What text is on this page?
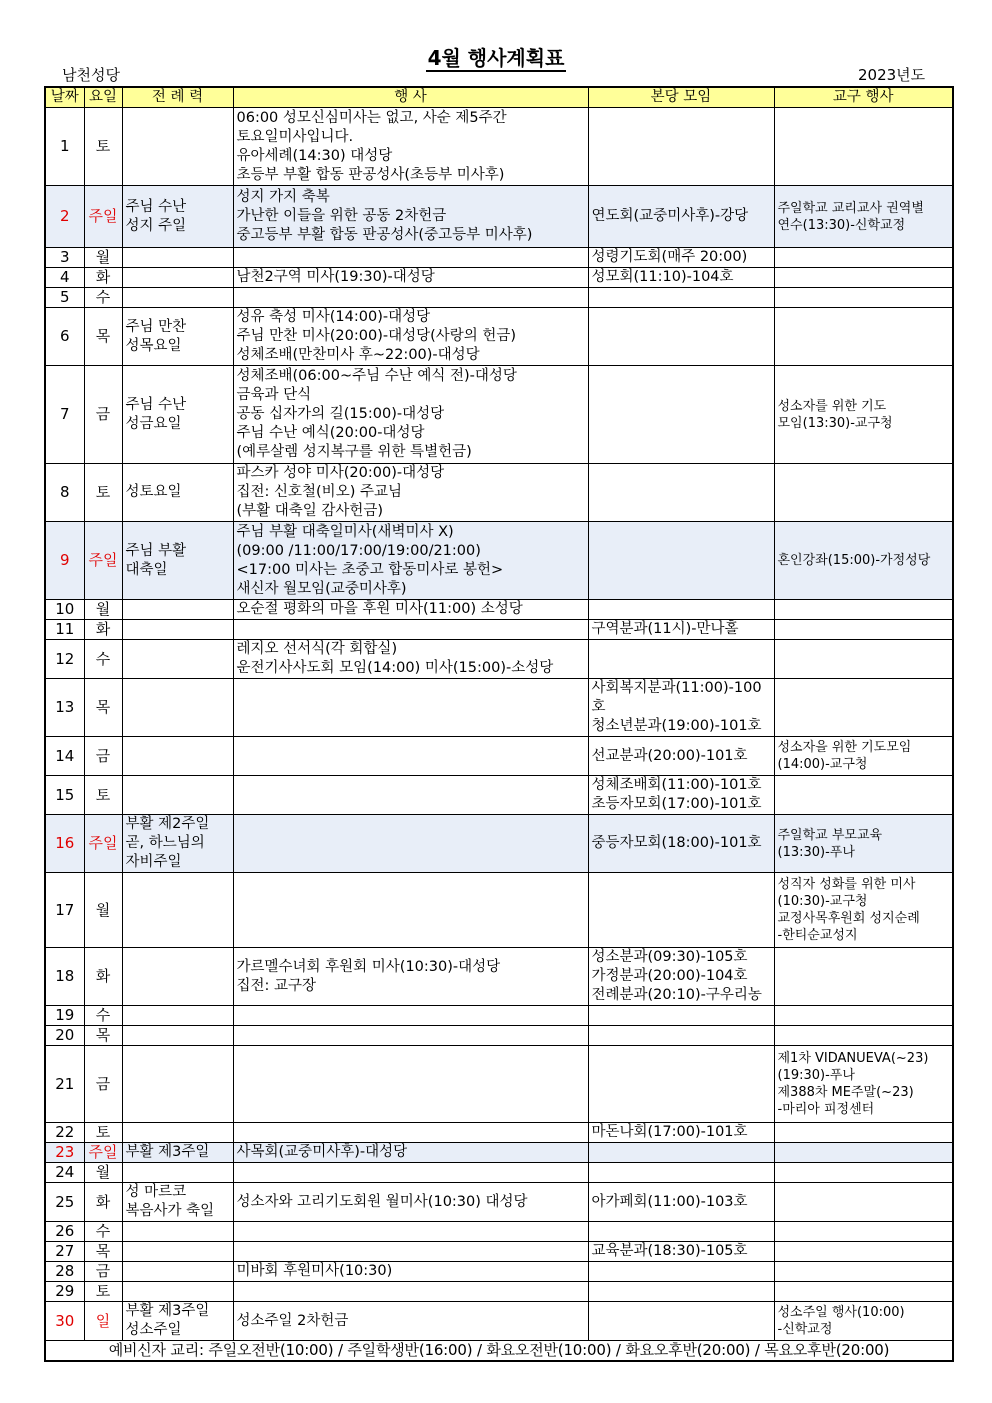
4월 행사계획표
남천성당	2023년도
날짜	요일	전 례 력	행 사	본당 모임	교구 행사
1	토		06:00 성모신심미사는 없고, 사순 제5주간
토요일미사입니다.
유아세례(14:30) 대성당
초등부 부활 합동 판공성사(초등부 미사후)		
2	주일	주님 수난
성지 주일	성지 가지 축복
가난한 이들을 위한 공동 2차헌금
중고등부 부활 합동 판공성사(중고등부 미사후)	연도회(교중미사후)-강당	주일학교 교리교사 권역별
연수(13:30)-신학교정
3	월			성령기도회(매주 20:00)	
4	화		남천2구역 미사(19:30)-대성당	성모회(11:10)-104호	
5	수				
6	목	주님 만찬
성목요일	성유 축성 미사(14:00)-대성당
주님 만찬 미사(20:00)-대성당(사랑의 헌금)
성체조배(만찬미사 후~22:00)-대성당		
7	금	주님 수난
성금요일	성체조배(06:00~주님 수난 예식 전)-대성당
금육과 단식
공동 십자가의 길(15:00)-대성당
주님 수난 예식(20:00-대성당
(예루살렘 성지복구를 위한 특별헌금)		성소자를 위한 기도
모임(13:30)-교구청
8	토	성토요일	파스카 성야 미사(20:00)-대성당
집전: 신호철(비오) 주교님
(부활 대축일 감사헌금)		
9	주일	주님 부활
대축일	주님 부활 대축일미사(새벽미사 X)
(09:00 /11:00/17:00/19:00/21:00)
<17:00 미사는 초중고 합동미사로 봉헌>
새신자 월모임(교중미사후)		혼인강좌(15:00)-가정성당
10	월		오순절 평화의 마을 후원 미사(11:00) 소성당		
11	화			구역분과(11시)-만나홀	
12	수		레지오 선서식(각 회합실)
운전기사사도회 모임(14:00) 미사(15:00)-소성당		
13	목			사회복지분과(11:00)-100호
청소년분과(19:00)-101호	
14	금			선교분과(20:00)-101호	성소자을 위한 기도모임
(14:00)-교구청
15	토			성체조배회(11:00)-101호
초등자모회(17:00)-101호	
16	주일	부활 제2주일
곧, 하느님의
자비주일		중등자모회(18:00)-101호	주일학교 부모교육
(13:30)-푸나
17	월				성직자 성화를 위한 미사
(10:30)-교구청
교정사목후원회 성지순례
-한티순교성지
18	화		가르멜수녀회 후원회 미사(10:30)-대성당
집전: 교구장	성소분과(09:30)-105호
가정분과(20:00)-104호
전례분과(20:10)-구우리농	
19	수				
20	목				
21	금				제1차 VIDANUEVA(~23)
(19:30)-푸나
제388차 ME주말(~23)
-마리아 피정센터
22	토			마돈나회(17:00)-101호	
23	주일	부활 제3주일	사목회(교중미사후)-대성당		
24	월				
25	화	성 마르코
복음사가 축일	성소자와 고리기도회원 월미사(10:30) 대성당	아가페회(11:00)-103호	
26	수				
27	목			교육분과(18:30)-105호	
28	금		미바회 후원미사(10:30)		
29	토				
30	일	부활 제3주일
성소주일	성소주일 2차헌금		성소주일 행사(10:00)
-신학교정
예비신자 교리: 주일오전반(10:00) / 주일학생반(16:00) / 화요오전반(10:00) / 화요오후반(20:00) / 목요오후반(20:00)					
